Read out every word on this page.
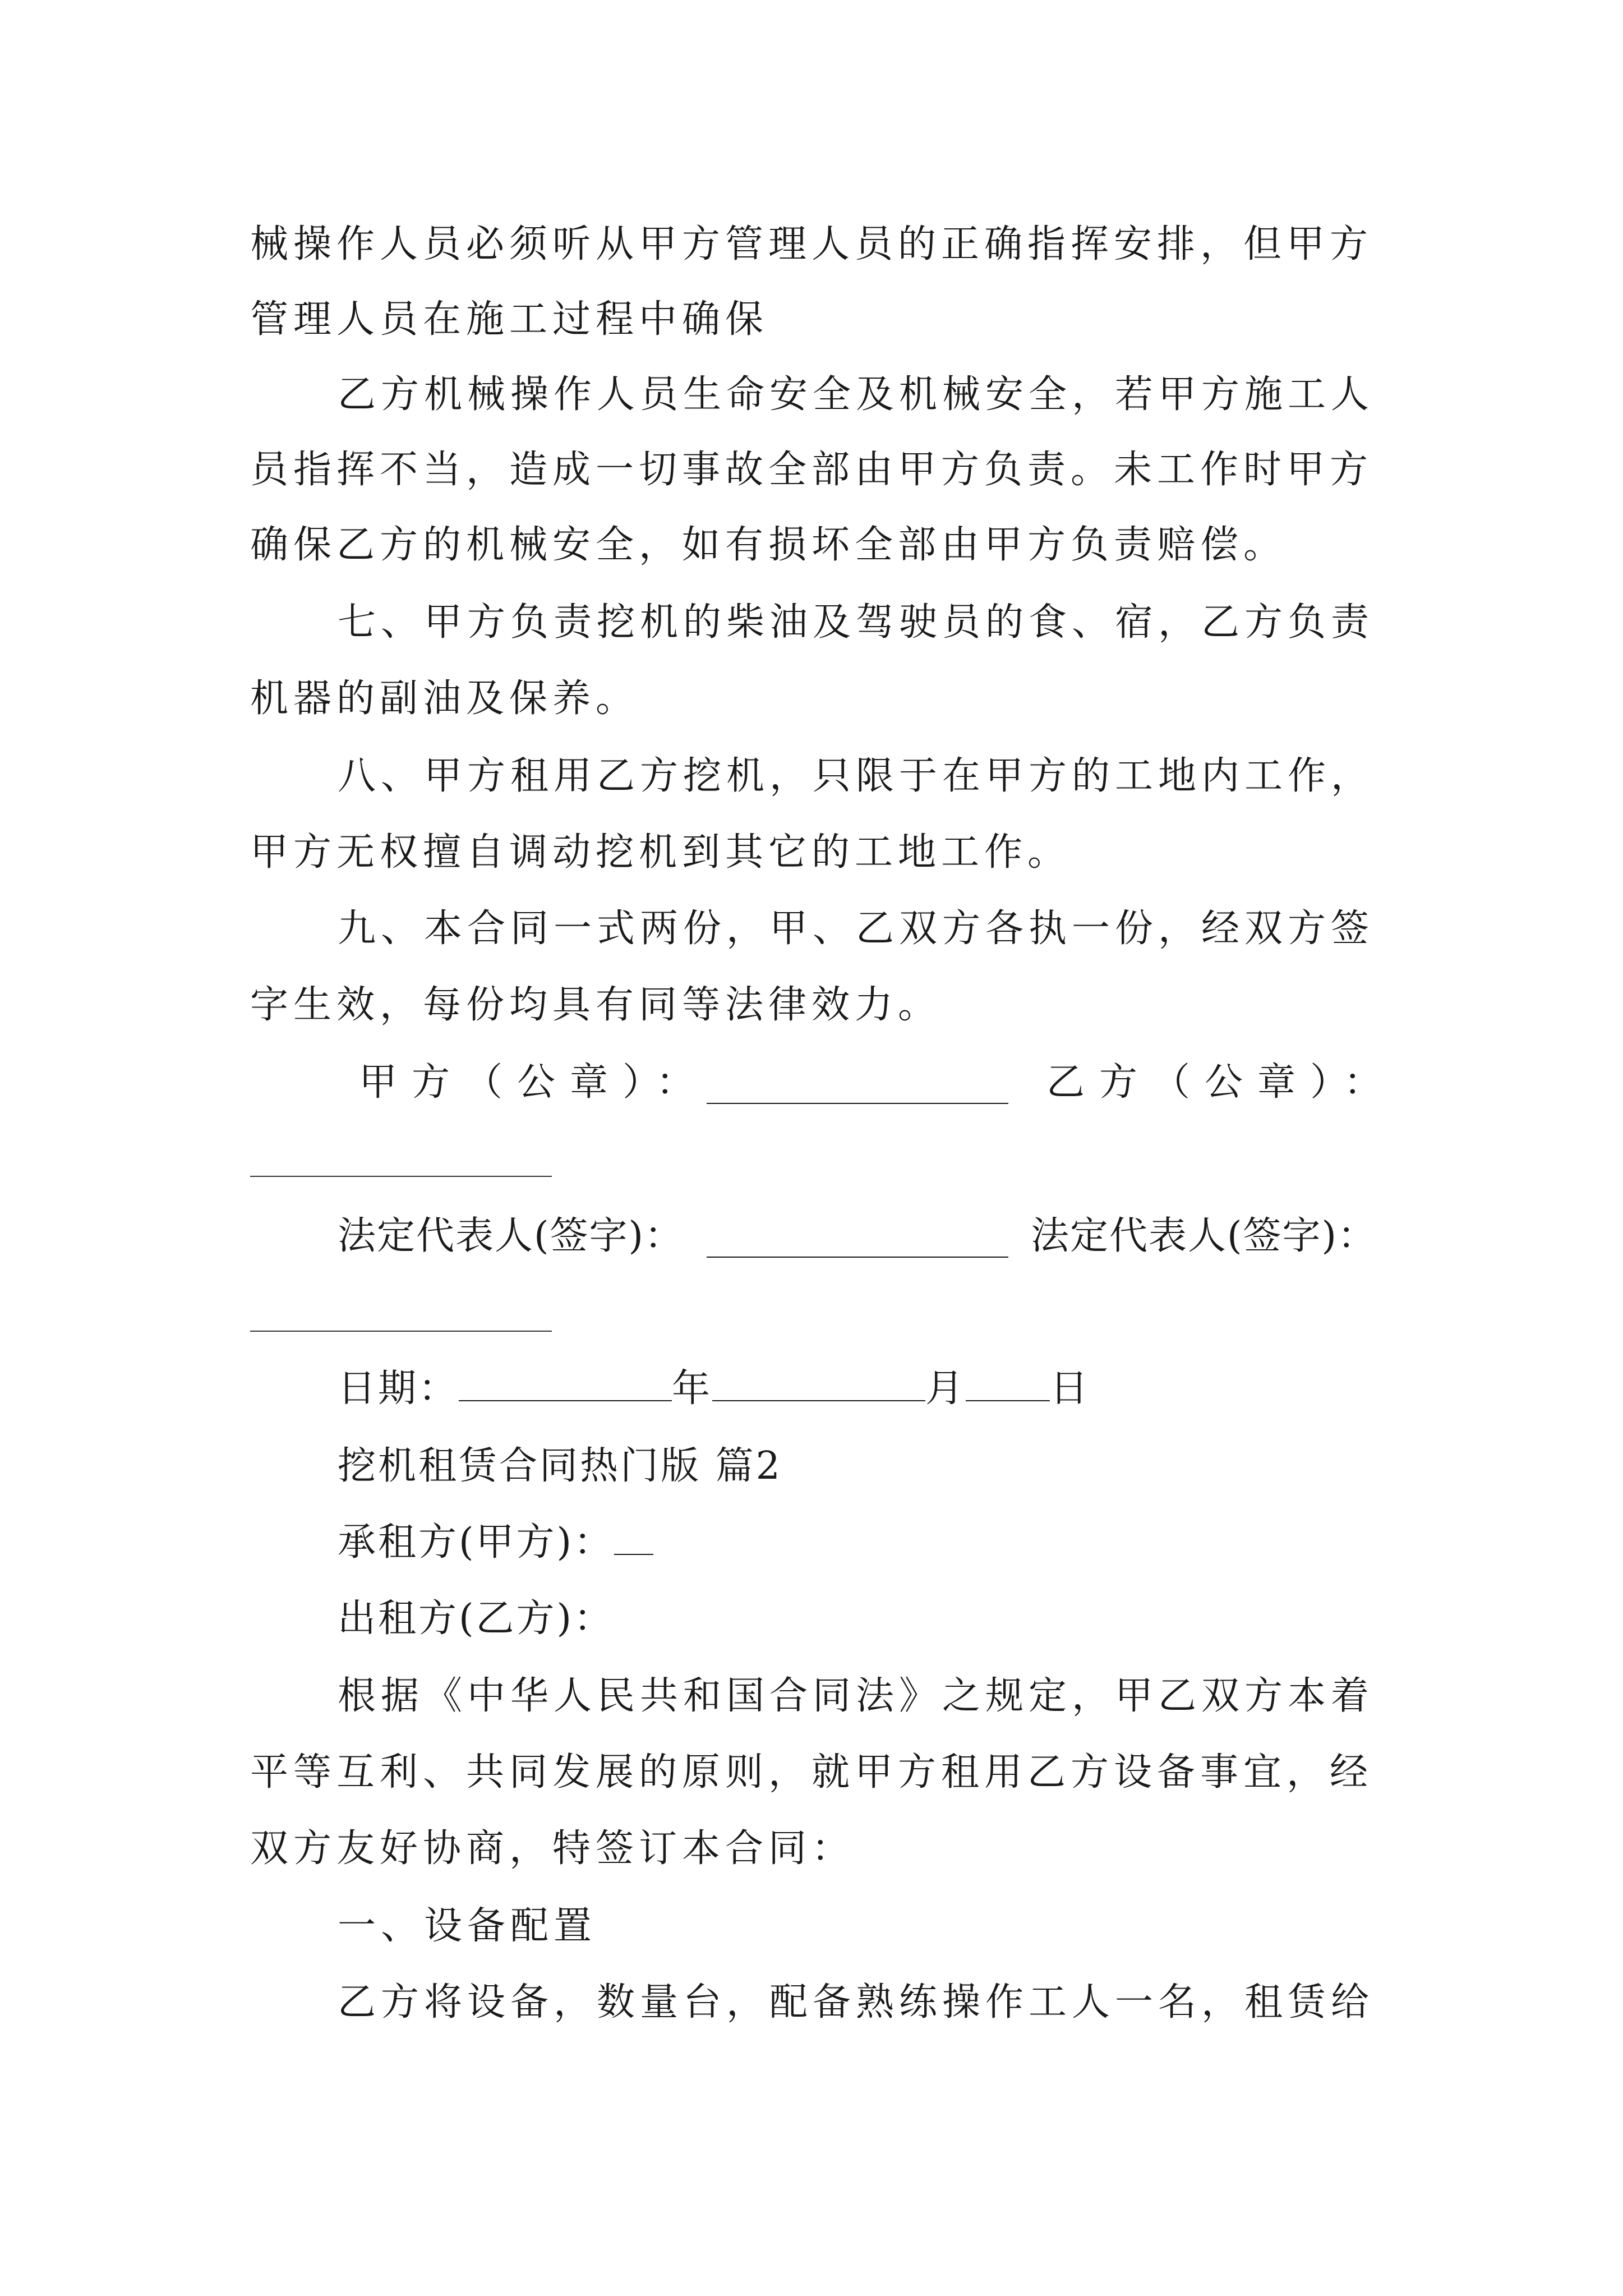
械操作人员必须听从甲方管理人员的正确指挥安排，但甲方
管理人员在施工过程中确保
乙方机械操作人员生命安全及机械安全，若甲方施工人
员指挥不当，造成一切事故全部由甲方负责。未工作时甲方
确保乙方的机械安全，如有损坏全部由甲方负责赔偿。
七、甲方负责挖机的柴油及驾驶员的食、宿，乙方负责
机器的副油及保养。
八、甲方租用乙方挖机，只限于在甲方的工地内工作，
甲方无权擅自调动挖机到其它的工地工作。
九、本合同一式两份，甲、乙双方各执一份，经双方签
字生效，每份均具有同等法律效力。
甲方（公章）：	乙方（公章）：
法定代表人(签字)：	法定代表人(签字)：
日期：	年	月 日
挖机租赁合同热门版 篇2
承租方(甲方)：
出租方(乙方)：
根据《中华人民共和国合同法》之规定，甲乙双方本着
平等互利、共同发展的原则，就甲方租用乙方设备事宜，经
双方友好协商，特签订本合同：
一、设备配置
乙方将设备，数量台，配备熟练操作工人一名，租赁给
